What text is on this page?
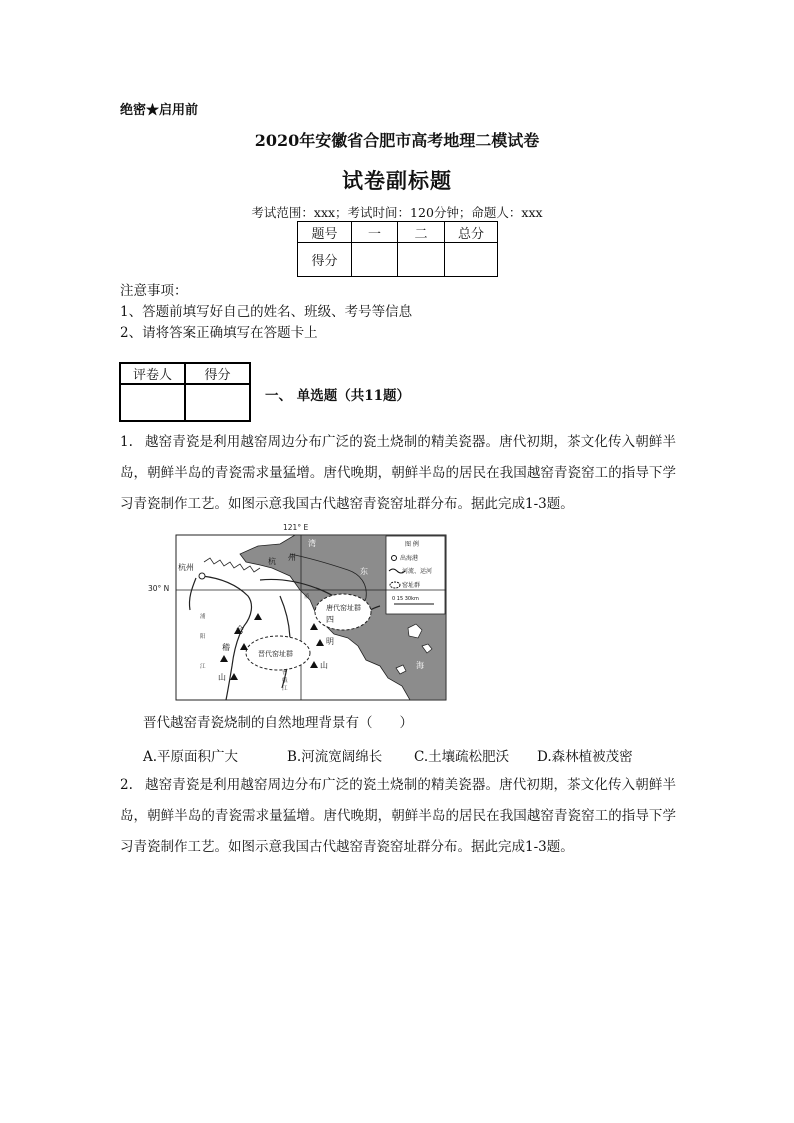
绝密★启用前
2020年安徽省合肥市高考地理二模试卷
试卷副标题
考试范围：xxx；考试时间：120分钟；命题人：xxx
题号	一	二	总分
得分			
注意事项：
1、答题前填写好自己的姓名、班级、考号等信息
2、请将答案正确填写在答题卡上
评卷人	得分

一、 单选题（共11题）
1. 越窑青瓷是利用越窑周边分布广泛的瓷土烧制的精美瓷器。唐代初期，茶文化传入朝鲜半岛，朝鲜半岛的青瓷需求量猛增。唐代晚期，朝鲜半岛的居民在我国越窑青瓷窑工的指导下学习青瓷制作工艺。如图示意我国古代越窑青瓷窑址群分布。据此完成1-3题。
121° E
30° N
杭州
杭 州
湾
东
海
会
稽
山
四
明
山
唐代窑址群
晋代窑址群
浦
阳
江
曹
娥
江
甬
图 例
出海港
河流、运河
窑址群
0 15 30km
晋代越窑青瓷烧制的自然地理背景有（　　）
A.平原面积广大	B.河流宽阔绵长 C.土壤疏松肥沃 D.森林植被茂密
2. 越窑青瓷是利用越窑周边分布广泛的瓷土烧制的精美瓷器。唐代初期，茶文化传入朝鲜半岛，朝鲜半岛的青瓷需求量猛增。唐代晚期，朝鲜半岛的居民在我国越窑青瓷窑工的指导下学习青瓷制作工艺。如图示意我国古代越窑青瓷窑址群分布。据此完成1-3题。
